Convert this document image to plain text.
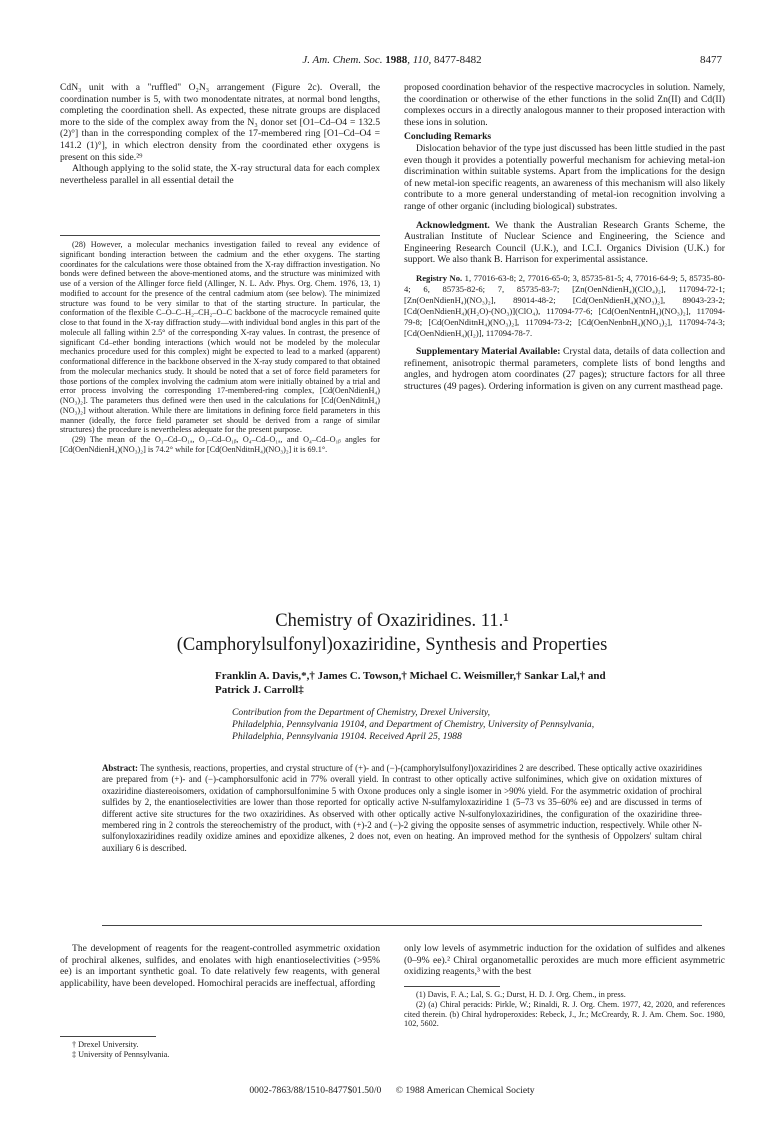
J. Am. Chem. Soc. 1988, 110, 8477-8482	8477

CdN₃ unit with a "ruffled" O₂N₃ arrangement (Figure 2c). Overall, the coordination number is 5, with two monodentate nitrates, at normal bond lengths, completing the coordination shell. As expected, these nitrate groups are displaced more to the side of the complex away from the N₃ donor set [O1–Cd–O4 = 132.5 (2)°] than in the corresponding complex of the 17-membered ring [O1–Cd–O4 = 141.2 (1)°], in which electron density from the coordinated ether oxygens is present on this side.²⁹

Although applying to the solid state, the X-ray structural data for each complex nevertheless parallel in all essential detail the

(28) However, a molecular mechanics investigation failed to reveal any evidence of significant bonding interaction between the cadmium and the ether oxygens. The starting coordinates for the calculations were those obtained from the X-ray diffraction investigation. No bonds were defined between the above-mentioned atoms, and the structure was minimized with use of a version of the Allinger force field (Allinger, N. L. Adv. Phys. Org. Chem. 1976, 13, 1) modified to account for the presence of the central cadmium atom (see below). The minimized structure was found to be very similar to that of the starting structure. In particular, the conformation of the flexible C–O–C–H₂–CH₂–O–C backbone of the macrocycle remained quite close to that found in the X-ray diffraction study—with individual bond angles in this part of the molecule all falling within 2.5° of the corresponding X-ray values. In contrast, the presence of significant Cd–ether bonding interactions (which would not be modeled by the molecular mechanics procedure used for this complex) might be expected to lead to a marked (apparent) conformational difference in the backbone observed in the X-ray study compared to that obtained from the molecular mechanics study. It should be noted that a set of force field parameters for those portions of the complex involving the cadmium atom were initially obtained by a trial and error process involving the corresponding 17-membered-ring complex, [Cd(OenNdienH₄)(NO₃)₂]. The parameters thus defined were then used in the calculations for [Cd(OenNditnH₄)(NO₃)₂] without alteration. While there are limitations in defining force field parameters in this manner (ideally, the force field parameter set should be derived from a range of similar structures) the procedure is nevertheless adequate for the present purpose.

(29) The mean of the O₁–Cd–O₁ₐ, O₁–Cd–O₁ᵦ, O₄–Cd–O₁ₐ, and O₄–Cd–O₁ᵦ angles for [Cd(OenNdienH₄)(NO₃)₂] is 74.2° while for [Cd(OenNditnH₄)(NO₃)₂] it is 69.1°.

proposed coordination behavior of the respective macrocycles in solution. Namely, the coordination or otherwise of the ether functions in the solid Zn(II) and Cd(II) complexes occurs in a directly analogous manner to their proposed interaction with these ions in solution.

Concluding Remarks

Dislocation behavior of the type just discussed has been little studied in the past even though it provides a potentially powerful mechanism for achieving metal-ion discrimination within suitable systems. Apart from the implications for the design of new metal-ion specific reagents, an awareness of this mechanism will also likely contribute to a more general understanding of metal-ion recognition involving a range of other organic (including biological) substrates.

Acknowledgment. We thank the Australian Research Grants Scheme, the Australian Institute of Nuclear Science and Engineering, the Science and Engineering Research Council (U.K.), and I.C.I. Organics Division (U.K.) for support. We also thank B. Harrison for experimental assistance.

Registry No. 1, 77016-63-8; 2, 77016-65-0; 3, 85735-81-5; 4, 77016-64-9; 5, 85735-80-4; 6, 85735-82-6; 7, 85735-83-7; [Zn(OenNdienH₄)(ClO₄)₂], 117094-72-1; [Zn(OenNdienH₄)(NO₃)₂], 89014-48-2; [Cd(OenNdienH₄)(NO₃)₂], 89043-23-2; [Cd(OenNdienH₄)(H₂O)-(NO₃)](ClO₄), 117094-77-6; [Cd(OenNentnH₄)(NO₃)₂], 117094-79-8; [Cd(OenNditnH₄)(NO₃)₂], 117094-73-2; [Cd(OenNenbnH₄)(NO₃)₂], 117094-74-3; [Cd(OenNdienH₄)(I₂)], 117094-78-7.

Supplementary Material Available: Crystal data, details of data collection and refinement, anisotropic thermal parameters, complete lists of bond lengths and angles, and hydrogen atom coordinates (27 pages); structure factors for all three structures (49 pages). Ordering information is given on any current masthead page.

Chemistry of Oxaziridines. 11.¹
(Camphorylsulfonyl)oxaziridine, Synthesis and Properties
Franklin A. Davis,*,† James C. Towson,† Michael C. Weismiller,† Sankar Lal,† and
Patrick J. Carroll‡
Contribution from the Department of Chemistry, Drexel University,
Philadelphia, Pennsylvania 19104, and Department of Chemistry, University of Pennsylvania,
Philadelphia, Pennsylvania 19104. Received April 25, 1988
Abstract: The synthesis, reactions, properties, and crystal structure of (+)- and (−)-(camphorylsulfonyl)oxaziridines 2 are described. These optically active oxaziridines are prepared from (+)- and (−)-camphorsulfonic acid in 77% overall yield. In contrast to other optically active sulfonimines, which give on oxidation mixtures of oxaziridine diastereoisomers, oxidation of camphorsulfonimine 5 with Oxone produces only a single isomer in >90% yield. For the asymmetric oxidation of prochiral sulfides by 2, the enantioselectivities are lower than those reported for optically active N-sulfamyloxaziridine 1 (5–73 vs 35–60% ee) and are discussed in terms of different active site structures for the two oxaziridines. As observed with other optically active N-sulfonyloxaziridines, the configuration of the oxaziridine three-membered ring in 2 controls the stereochemistry of the product, with (+)-2 and (−)-2 giving the opposite senses of asymmetric induction, respectively. While other N-sulfonyloxaziridines readily oxidize amines and epoxidize alkenes, 2 does not, even on heating. An improved method for the synthesis of Oppolzers' sultam chiral auxiliary 6 is described.

The development of reagents for the reagent-controlled asymmetric oxidation of prochiral alkenes, sulfides, and enolates with high enantioselectivities (>95% ee) is an important synthetic goal. To date relatively few reagents, with general applicability, have been developed. Homochiral peracids are ineffectual, affording

† Drexel University.

‡ University of Pennsylvania.

only low levels of asymmetric induction for the oxidation of sulfides and alkenes (0–9% ee).² Chiral organometallic peroxides are much more efficient asymmetric oxidizing reagents,³ with the best

(1) Davis, F. A.; Lal, S. G.; Durst, H. D. J. Org. Chem., in press.

(2) (a) Chiral peracids: Pirkle, W.; Rinaldi, R. J. Org. Chem. 1977, 42, 2020, and references cited therein. (b) Chiral hydroperoxides: Rebeck, J., Jr.; McCreardy, R. J. Am. Chem. Soc. 1980, 102, 5602.

0002-7863/88/1510-8477$01.50/0 © 1988 American Chemical Society
